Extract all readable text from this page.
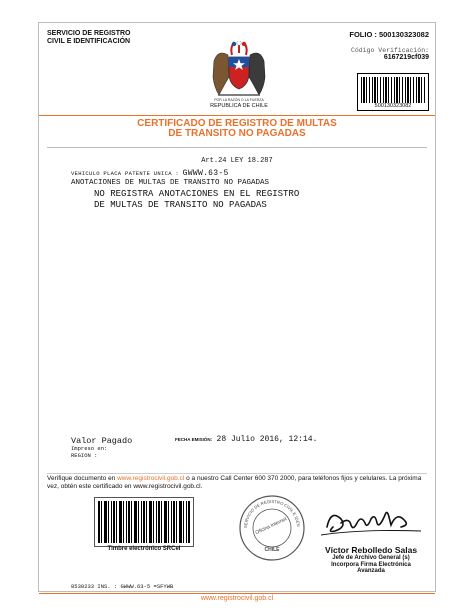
SERVICIO DE REGISTRO
CIVIL E IDENTIFICACIÓN
FOLIO : 500130323082
Código Verificación:
6167219cf039
500130323082
POR LA RAZÓN O LA FUERZA
REPUBLICA DE CHILE
CERTIFICADO DE REGISTRO DE MULTAS
DE TRANSITO NO PAGADAS
Art.24 LEY 18.287
VEHICULO PLACA PATENTE UNICA : GWWW.63-5
ANOTACIONES DE MULTAS DE TRANSITO NO PAGADAS
NO REGISTRA ANOTACIONES EN EL REGISTRO
DE MULTAS DE TRANSITO NO PAGADAS
FECHA EMISIÓN: 28 Julio 2016, 12:14.
Valor Pagado
Impreso en:
REGION :
Verifique documento en www.registrocivil.gob.cl o a nuestro Call Center 600 370 2000, para teléfonos fijos y celulares. La próxima vez, obtén este certificado en www.registrocivil.gob.cl.
Timbre electrónico SRCeI
SERVICIO DE REGISTRO CIVIL E IDEN
Oficina Internet
CHILE	Víctor Rebolledo Salas
Jefe de Archivo General (s)
Incorpora Firma Electrónica
Avanzada
8530233 INS. : GWWW.63-5 =SFYWB
www.registrocivil.gob.cl
